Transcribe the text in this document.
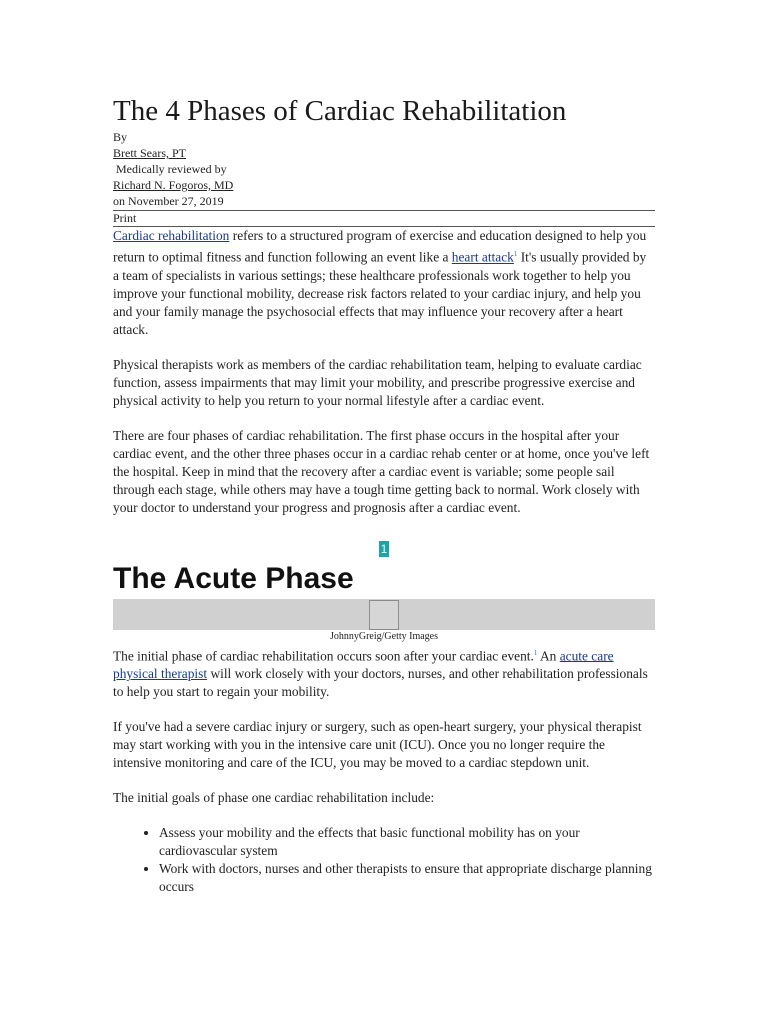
The 4 Phases of Cardiac Rehabilitation
By
Brett Sears, PT
Medically reviewed by
Richard N. Fogoros, MD
on November 27, 2019
Print

Cardiac rehabilitation refers to a structured program of exercise and education designed to help you return to optimal fitness and function following an event like a heart attack$^1$ It's usually provided by a team of specialists in various settings; these healthcare professionals work together to help you improve your functional mobility, decrease risk factors related to your cardiac injury, and help you and your family manage the psychosocial effects that may influence your recovery after a heart attack.

Physical therapists work as members of the cardiac rehabilitation team, helping to evaluate cardiac function, assess impairments that may limit your mobility, and prescribe progressive exercise and physical activity to help you return to your normal lifestyle after a cardiac event.

There are four phases of cardiac rehabilitation. The first phase occurs in the hospital after your cardiac event, and the other three phases occur in a cardiac rehab center or at home, once you've left the hospital. Keep in mind that the recovery after a cardiac event is variable; some people sail through each stage, while others may have a tough time getting back to normal. Work closely with your doctor to understand your progress and prognosis after a cardiac event.

1
The Acute Phase
JohnnyGreig/Getty Images

The initial phase of cardiac rehabilitation occurs soon after your cardiac event.$^1$ An acute care physical therapist will work closely with your doctors, nurses, and other rehabilitation professionals to help you start to regain your mobility.

If you've had a severe cardiac injury or surgery, such as open-heart surgery, your physical therapist may start working with you in the intensive care unit (ICU). Once you no longer require the intensive monitoring and care of the ICU, you may be moved to a cardiac stepdown unit.

The initial goals of phase one cardiac rehabilitation include:

• Assess your mobility and the effects that basic functional mobility has on your cardiovascular system
• Work with doctors, nurses and other therapists to ensure that appropriate discharge planning occurs
